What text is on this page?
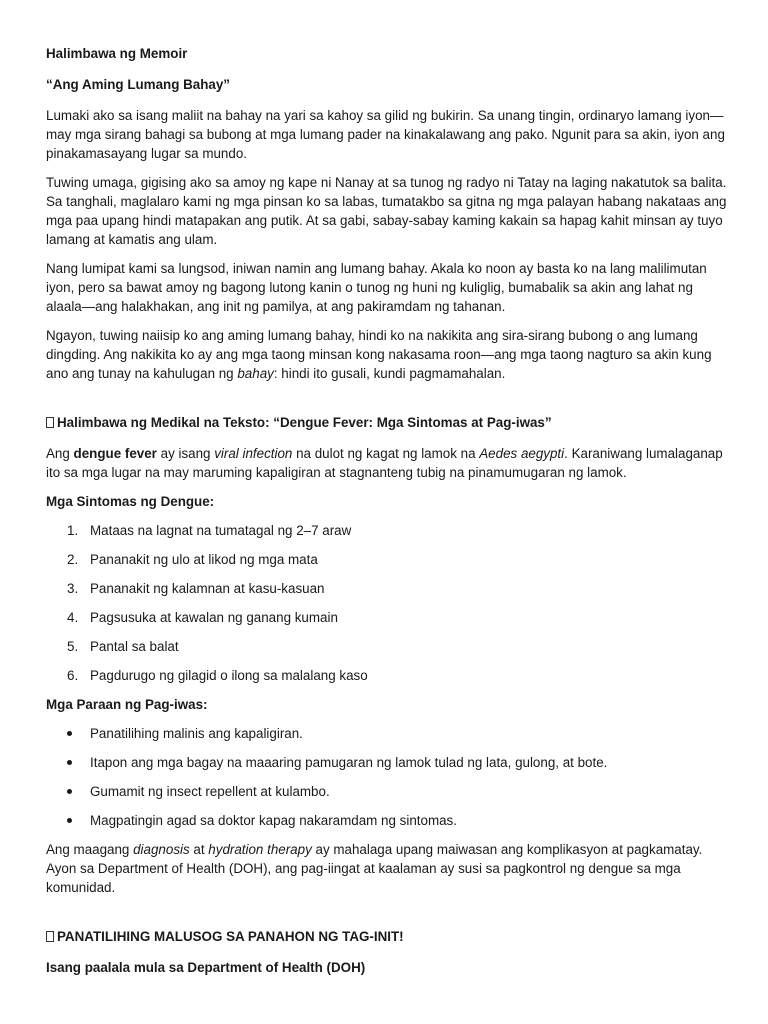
Halimbawa ng Memoir

“Ang Aming Lumang Bahay”

Lumaki ako sa isang maliit na bahay na yari sa kahoy sa gilid ng bukirin. Sa unang tingin, ordinaryo lamang iyon—may mga sirang bahagi sa bubong at mga lumang pader na kinakalawang ang pako. Ngunit para sa akin, iyon ang pinakamasayang lugar sa mundo.

Tuwing umaga, gigising ako sa amoy ng kape ni Nanay at sa tunog ng radyo ni Tatay na laging nakatutok sa balita. Sa tanghali, maglalaro kami ng mga pinsan ko sa labas, tumatakbo sa gitna ng mga palayan habang nakataas ang mga paa upang hindi matapakan ang putik. At sa gabi, sabay-sabay kaming kakain sa hapag kahit minsan ay tuyo lamang at kamatis ang ulam.

Nang lumipat kami sa lungsod, iniwan namin ang lumang bahay. Akala ko noon ay basta ko na lang malilimutan iyon, pero sa bawat amoy ng bagong lutong kanin o tunog ng huni ng kuliglig, bumabalik sa akin ang lahat ng alaala—ang halakhakan, ang init ng pamilya, at ang pakiramdam ng tahanan.

Ngayon, tuwing naiisip ko ang aming lumang bahay, hindi ko na nakikita ang sira-sirang bubong o ang lumang dingding. Ang nakikita ko ay ang mga taong minsan kong nakasama roon—ang mga taong nagturo sa akin kung ano ang tunay na kahulugan ng bahay: hindi ito gusali, kundi pagmamahalan.

Halimbawa ng Medikal na Teksto: “Dengue Fever: Mga Sintomas at Pag-iwas”

Ang dengue fever ay isang viral infection na dulot ng kagat ng lamok na Aedes aegypti. Karaniwang lumalaganap ito sa mga lugar na may maruming kapaligiran at stagnanteng tubig na pinamumugaran ng lamok.

Mga Sintomas ng Dengue:

1. Mataas na lagnat na tumatagal ng 2–7 araw
2. Pananakit ng ulo at likod ng mga mata
3. Pananakit ng kalamnan at kasu-kasuan
4. Pagsusuka at kawalan ng ganang kumain
5. Pantal sa balat
6. Pagdurugo ng gilagid o ilong sa malalang kaso

Mga Paraan ng Pag-iwas:

Panatilihing malinis ang kapaligiran.
Itapon ang mga bagay na maaaring pamugaran ng lamok tulad ng lata, gulong, at bote.
Gumamit ng insect repellent at kulambo.
Magpatingin agad sa doktor kapag nakaramdam ng sintomas.

Ang maagang diagnosis at hydration therapy ay mahalaga upang maiwasan ang komplikasyon at pagkamatay. Ayon sa Department of Health (DOH), ang pag-iingat at kaalaman ay susi sa pagkontrol ng dengue sa mga komunidad.

PANATILIHING MALUSOG SA PANAHON NG TAG-INIT!

Isang paalala mula sa Department of Health (DOH)
